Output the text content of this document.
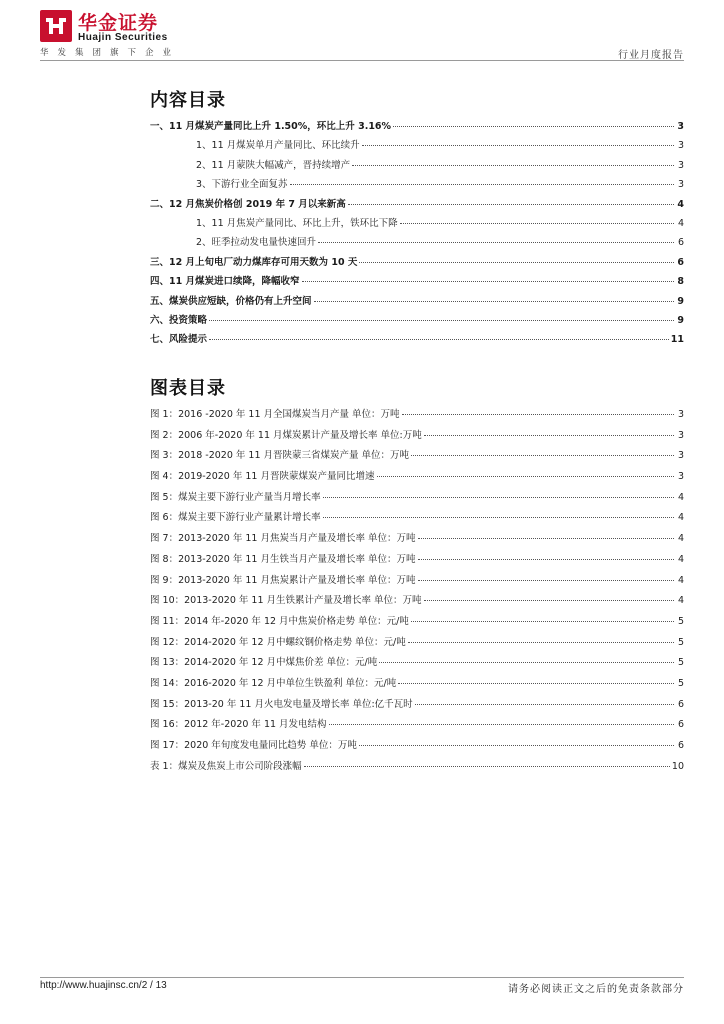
华金证券
Huajin Securities
华发集团旗下企业	行业月度报告
内容目录
一、11 月煤炭产量同比上升 1.50%，环比上升 3.16%	3
1、11 月煤炭单月产量同比、环比续升	3
2、11 月蒙陕大幅减产，晋持续增产	3
3、下游行业全面复苏	3
二、12 月焦炭价格创 2019 年 7 月以来新高	4
1、11 月焦炭产量同比、环比上升，铁环比下降	4
2、旺季拉动发电量快速回升	6
三、12 月上旬电厂动力煤库存可用天数为 10 天	6
四、11 月煤炭进口续降，降幅收窄	8
五、煤炭供应短缺，价格仍有上升空间	9
六、投资策略	9
七、风险提示	11
图表目录
图 1：2016 -2020 年 11 月全国煤炭当月产量 单位：万吨	3
图 2：2006 年-2020 年 11 月煤炭累计产量及增长率 单位:万吨	3
图 3：2018 -2020 年 11 月晋陕蒙三省煤炭产量 单位：万吨	3
图 4：2019-2020 年 11 月晋陕蒙煤炭产量同比增速	3
图 5：煤炭主要下游行业产量当月增长率	4
图 6：煤炭主要下游行业产量累计增长率	4
图 7：2013-2020 年 11 月焦炭当月产量及增长率 单位：万吨	4
图 8：2013-2020 年 11 月生铁当月产量及增长率 单位：万吨	4
图 9：2013-2020 年 11 月焦炭累计产量及增长率 单位：万吨	4
图 10：2013-2020 年 11 月生铁累计产量及增长率 单位：万吨	4
图 11：2014 年-2020 年 12 月中焦炭价格走势 单位：元/吨	5
图 12：2014-2020 年 12 月中螺纹钢价格走势 单位：元/吨	5
图 13：2014-2020 年 12 月中煤焦价差 单位：元/吨	5
图 14：2016-2020 年 12 月中单位生铁盈利 单位：元/吨	5
图 15：2013-20 年 11 月火电发电量及增长率 单位:亿千瓦时	6
图 16：2012 年-2020 年 11 月发电结构	6
图 17：2020 年旬度发电量同比趋势 单位：万吨	6
表 1：煤炭及焦炭上市公司阶段涨幅	10
http://www.huajinsc.cn/2 / 13	请务必阅读正文之后的免责条款部分
